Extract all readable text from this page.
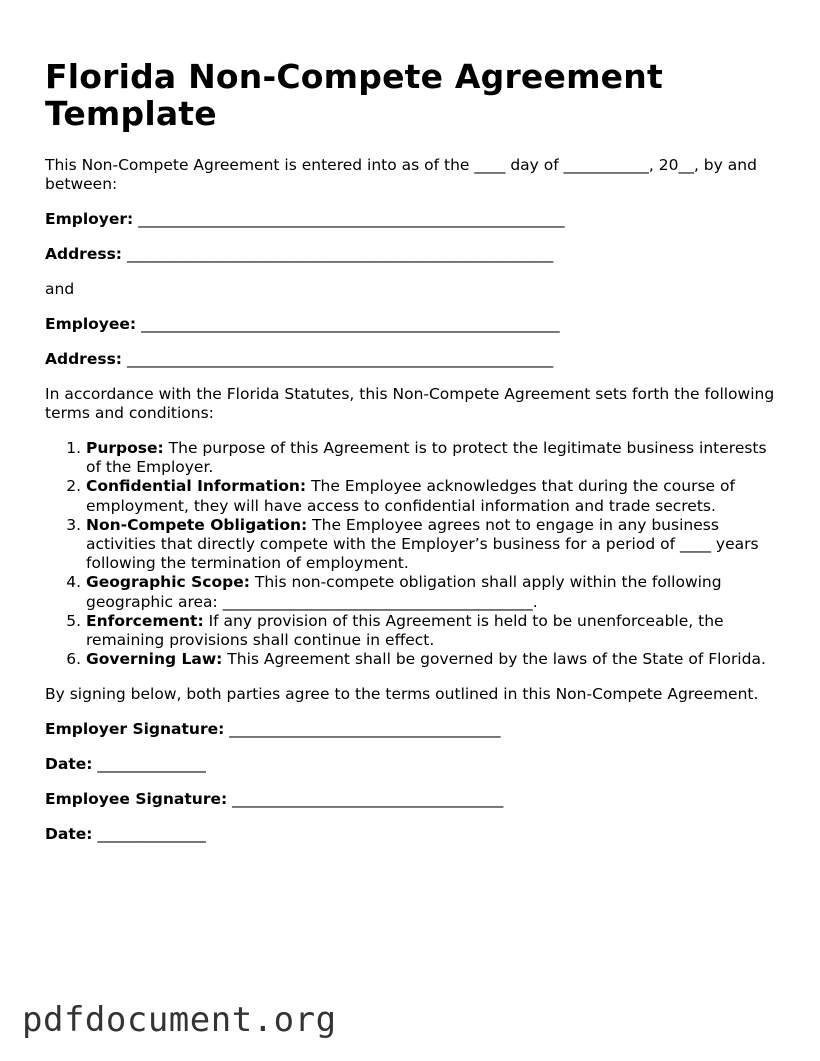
Florida Non-Compete Agreement
Template

This Non-Compete Agreement is entered into as of the ____ day of ___________, 20__, by and between:

Employer: _______________________________________________________

Address: _______________________________________________________

and

Employee: ______________________________________________________

Address: _______________________________________________________

In accordance with the Florida Statutes, this Non-Compete Agreement sets forth the following terms and conditions:

1. Purpose: The purpose of this Agreement is to protect the legitimate business interests of the Employer.
2. Confidential Information: The Employee acknowledges that during the course of employment, they will have access to confidential information and trade secrets.
3. Non-Compete Obligation: The Employee agrees not to engage in any business activities that directly compete with the Employer’s business for a period of ____ years following the termination of employment.
4. Geographic Scope: This non-compete obligation shall apply within the following geographic area: ________________________________________.
5. Enforcement: If any provision of this Agreement is held to be unenforceable, the remaining provisions shall continue in effect.
6. Governing Law: This Agreement shall be governed by the laws of the State of Florida.

By signing below, both parties agree to the terms outlined in this Non-Compete Agreement.

Employer Signature: ___________________________________

Date: ______________

Employee Signature: ___________________________________

Date: ______________

pdfdocument.org
